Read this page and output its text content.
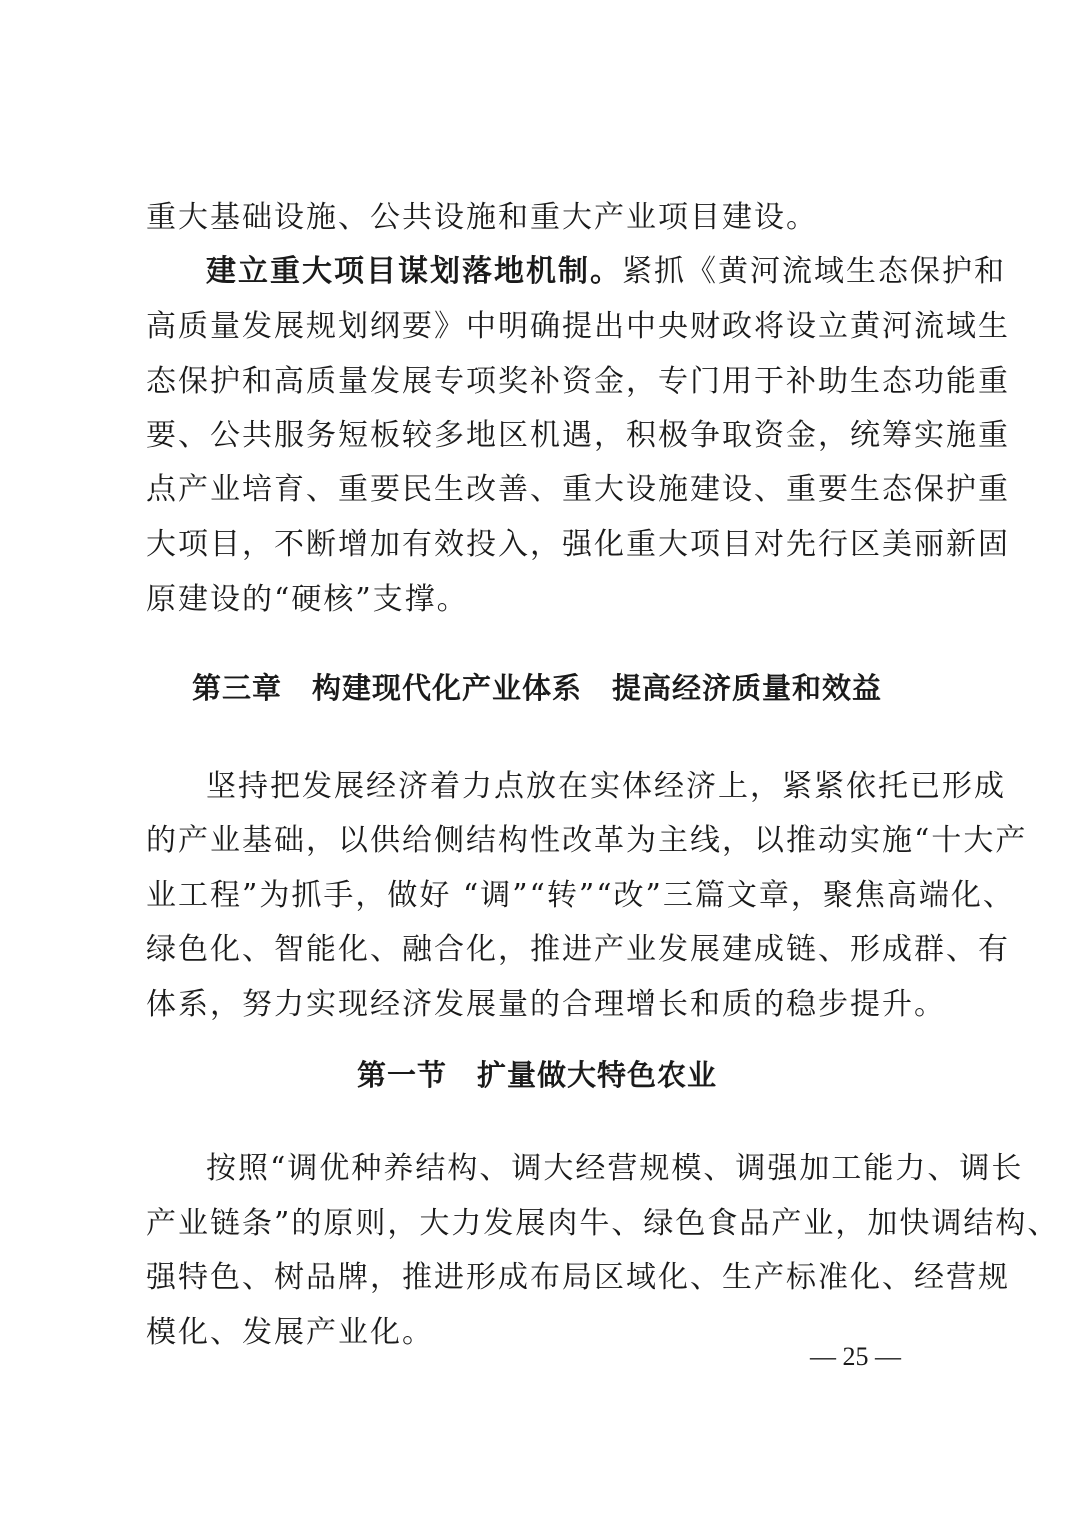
重大基础设施、公共设施和重大产业项目建设。
建立重大项目谋划落地机制。紧抓《黄河流域生态保护和
高质量发展规划纲要》中明确提出中央财政将设立黄河流域生
态保护和高质量发展专项奖补资金，专门用于补助生态功能重
要、公共服务短板较多地区机遇，积极争取资金，统筹实施重
点产业培育、重要民生改善、重大设施建设、重要生态保护重
大项目，不断增加有效投入，强化重大项目对先行区美丽新固
原建设的“硬核”支撑。
第三章　构建现代化产业体系　提高经济质量和效益
坚持把发展经济着力点放在实体经济上，紧紧依托已形成
的产业基础，以供给侧结构性改革为主线，以推动实施“十大产
业工程”为抓手，做好 “调”“转”“改”三篇文章，聚焦高端化、
绿色化、智能化、融合化，推进产业发展建成链、形成群、有
体系，努力实现经济发展量的合理增长和质的稳步提升。
第一节　扩量做大特色农业
按照“调优种养结构、调大经营规模、调强加工能力、调长
产业链条”的原则，大力发展肉牛、绿色食品产业，加快调结构、
强特色、树品牌，推进形成布局区域化、生产标准化、经营规
模化、发展产业化。
— 25 —
